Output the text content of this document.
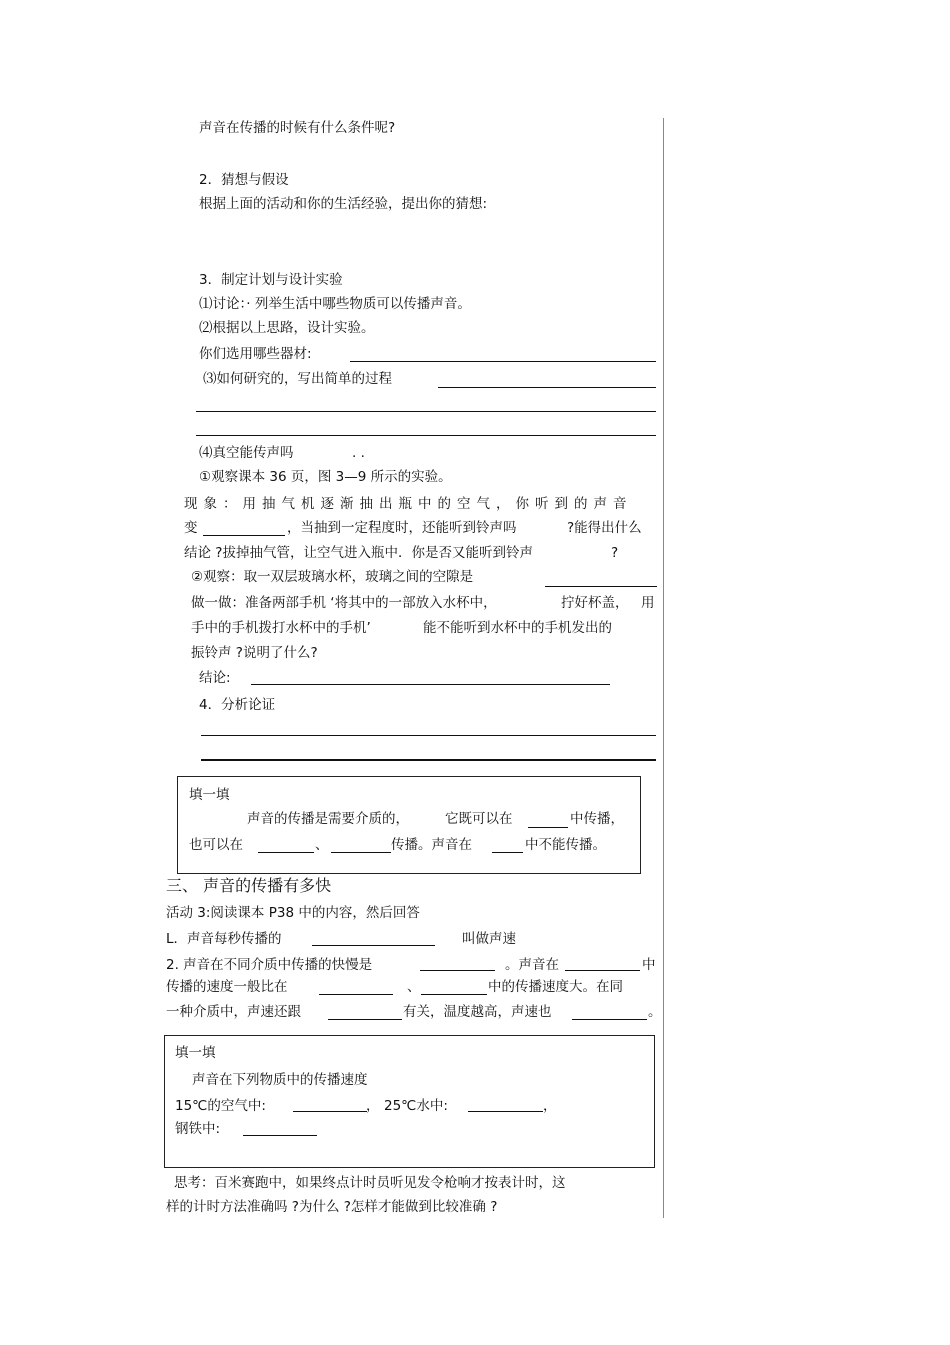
声音在传播的时候有什么条件呢?
2．猜想与假设
根据上面的活动和你的生活经验，提出你的猜想:
3．制定计划与设计实验
⑴讨论：· 列举生活中哪些物质可以传播声音。
⑵根据以上思路，设计实验。
你们选用哪些器材:
⑶如何研究的，写出简单的过程
⑷真空能传声吗	. .
①观察课本 36 页，图 3—9 所示的实验。
现象：用抽气机逐渐抽出瓶中的空气，你听到的声音
变	，当抽到一定程度时，还能听到铃声吗	?能得出什么
结论 ?拔掉抽气管，让空气进入瓶中．你是否又能听到铃声	?
②观察：取一双层玻璃水杯，玻璃之间的空隙是
做一做：准备两部手机 ‘将其中的一部放入水杯中，	拧好杯盖， 用
手中的手机拨打水杯中的手机’	能不能听到水杯中的手机发出的
振铃声 ?说明了什么?
结论:
4．分析论证
填一填
声音的传播是需要介质的，	它既可以在	中传播，
也可以在	、	传播。声音在	中不能传播。
三、 声音的传播有多快
活动 3:阅读课本 P38 中的内容，然后回答
L．声音每秒传播的	叫做声速
2. 声音在不同介质中传播的快慢是	。声音在	中
传播的速度一般比在	、	中的传播速度大。在同
一种介质中，声速还跟	有关，温度越高，声速也	。
填一填
声音在下列物质中的传播速度
15℃的空气中:	， 25℃水中:	，
钢铁中:
思考：百米赛跑中，如果终点计时员听见发令枪响才按表计时，这
样的计时方法准确吗 ?为什么 ?怎样才能做到比较准确 ?
